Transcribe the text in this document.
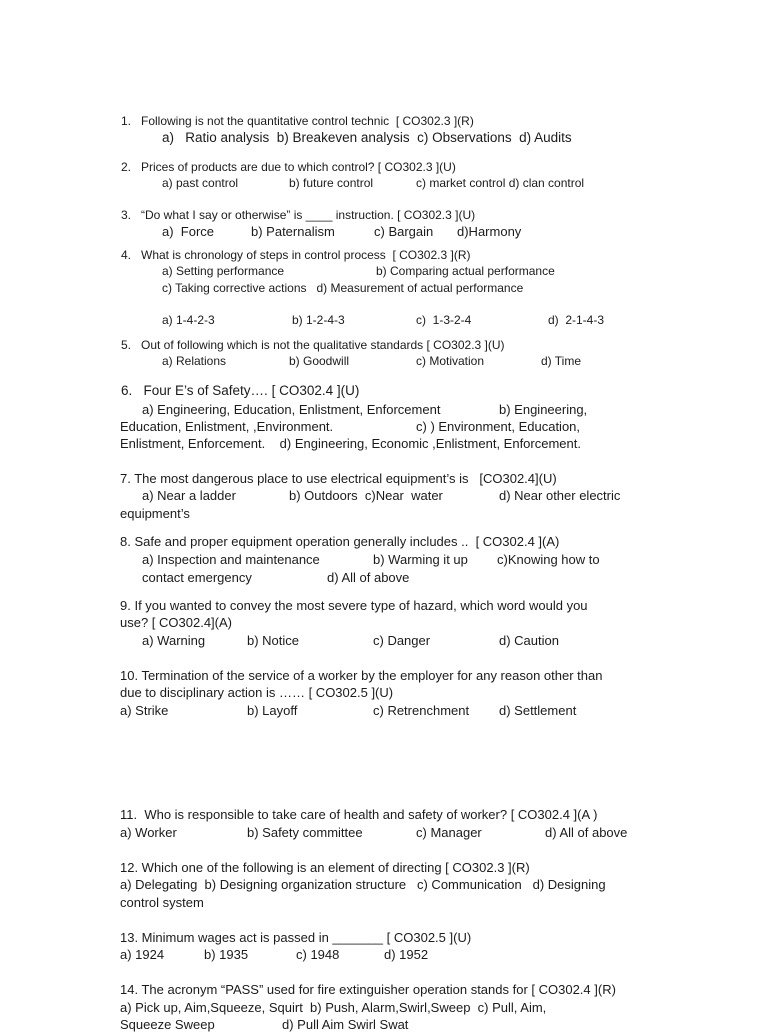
1.   Following is not the quantitative control technic  [ CO302.3 ](R)
a)   Ratio analysis  b) Breakeven analysis  c) Observations  d) Audits
2.   Prices of products are due to which control? [ CO302.3 ](U)
a) past control	b) future control	c) market control d) clan control
3.   “Do what I say or otherwise” is ____ instruction. [ CO302.3 ](U)
a)  Force	b) Paternalism	c) Bargain d)Harmony
4.   What is chronology of steps in control process  [ CO302.3 ](R)
a) Setting performance	b) Comparing actual performance
c) Taking corrective actions   d) Measurement of actual performance
a) 1-4-2-3	b) 1-2-4-3	c)  1-3-2-4	d)  2-1-4-3
5.   Out of following which is not the qualitative standards [ CO302.3 ](U)
a) Relations	b) Goodwill	c) Motivation	d) Time
6.   Four E’s of Safety…. [ CO302.4 ](U)
a) Engineering, Education, Enlistment, Enforcement	b) Engineering,
Education, Enlistment, ,Environment.	c) ) Environment, Education,
Enlistment, Enforcement.    d) Engineering, Economic ,Enlistment, Enforcement.
7. The most dangerous place to use electrical equipment’s is   [CO302.4](U)
a) Near a ladder	b) Outdoors  c)Near  water	d) Near other electric
equipment’s
8. Safe and proper equipment operation generally includes ..  [ CO302.4 ](A)
a) Inspection and maintenance	b) Warming it up c)Knowing how to
contact emergency	d) All of above
9. If you wanted to convey the most severe type of hazard, which word would you
use? [ CO302.4](A)
a) Warning	b) Notice	c) Danger	d) Caution
10. Termination of the service of a worker by the employer for any reason other than
due to disciplinary action is …… [ CO302.5 ](U)
a) Strike	b) Layoff	c) Retrenchment d) Settlement
11.  Who is responsible to take care of health and safety of worker? [ CO302.4 ](A )
a) Worker	b) Safety committee	c) Manager	d) All of above
12. Which one of the following is an element of directing [ CO302.3 ](R)
a) Delegating  b) Designing organization structure   c) Communication   d) Designing
control system
13. Minimum wages act is passed in _______ [ CO302.5 ](U)
a) 1924	b) 1935	c) 1948	d) 1952
14. The acronym “PASS” used for fire extinguisher operation stands for [ CO302.4 ](R)
a) Pick up, Aim,Squeeze, Squirt  b) Push, Alarm,Swirl,Sweep  c) Pull, Aim,
Squeeze Sweep	d) Pull Aim Swirl Swat
